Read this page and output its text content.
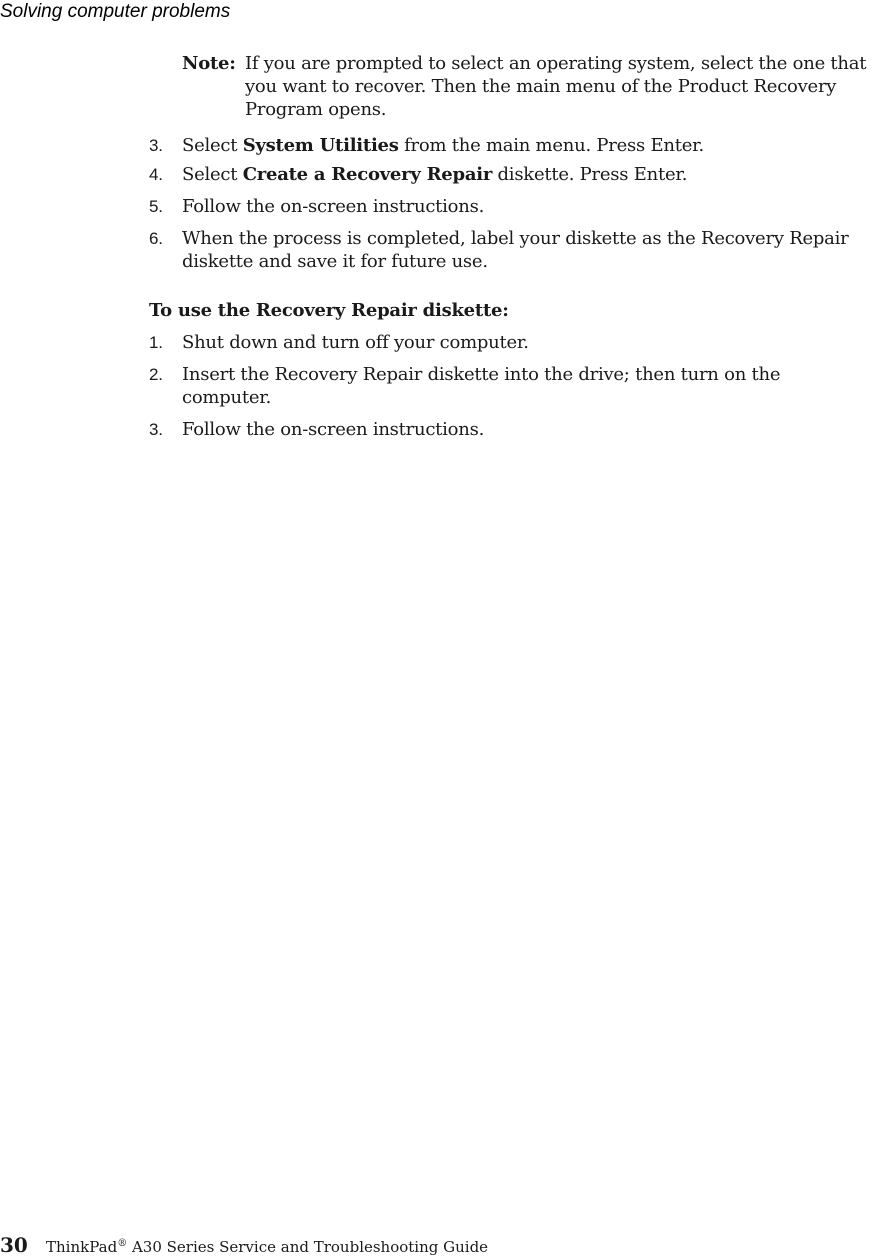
Solving computer problems
Note: If you are prompted to select an operating system, select the one that you want to recover. Then the main menu of the Product Recovery Program opens.
3. Select System Utilities from the main menu. Press Enter.
4. Select Create a Recovery Repair diskette. Press Enter.
5. Follow the on-screen instructions.
6. When the process is completed, label your diskette as the Recovery Repair diskette and save it for future use.
To use the Recovery Repair diskette:
1. Shut down and turn off your computer.
2. Insert the Recovery Repair diskette into the drive; then turn on the computer.
3. Follow the on-screen instructions.
30 ThinkPad® A30 Series Service and Troubleshooting Guide
